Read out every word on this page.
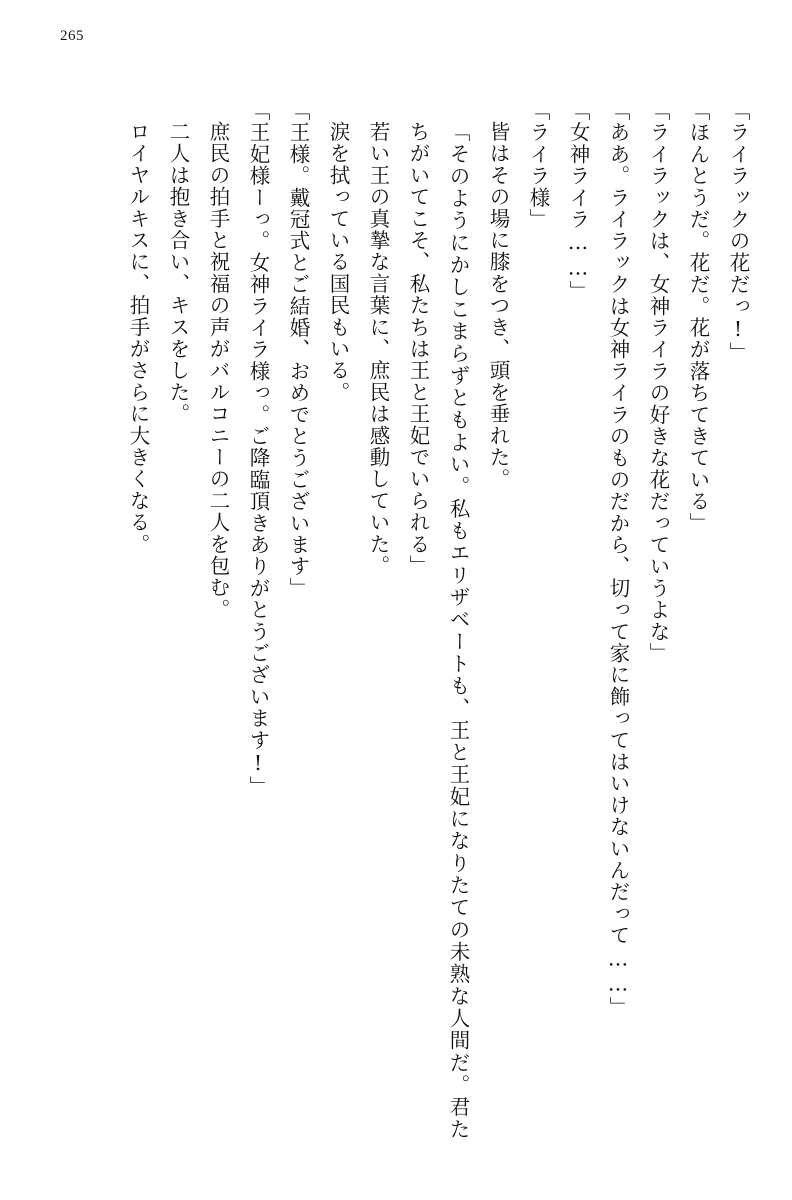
265

「ライラックの花だっ!」

「ほんとうだ。花だ。花が落ちてきている」

「ライラックは、女神ライラの好きな花だっていうよな」

「ああ。ライラックは女神ライラのものだから、切って家に飾ってはいけないんだって……」

「女神ライラ……」

「ライラ様」

皆はその場に膝をつき、頭を垂れた。

「そのようにかしこまらずともよい。私もエリザベートも、王と王妃になりたての未熟な人間だ。君たちがいてこそ、私たちは王と王妃でいられる」

若い王の真摯な言葉に、庶民は感動していた。

涙を拭っている国民もいる。

「王様。戴冠式とご結婚、おめでとうございます」

「王妃様ーっ。女神ライラ様っ。ご降臨頂きありがとうございます!」

庶民の拍手と祝福の声がバルコニーの二人を包む。

二人は抱き合い、キスをした。

ロイヤルキスに、拍手がさらに大きくなる。
